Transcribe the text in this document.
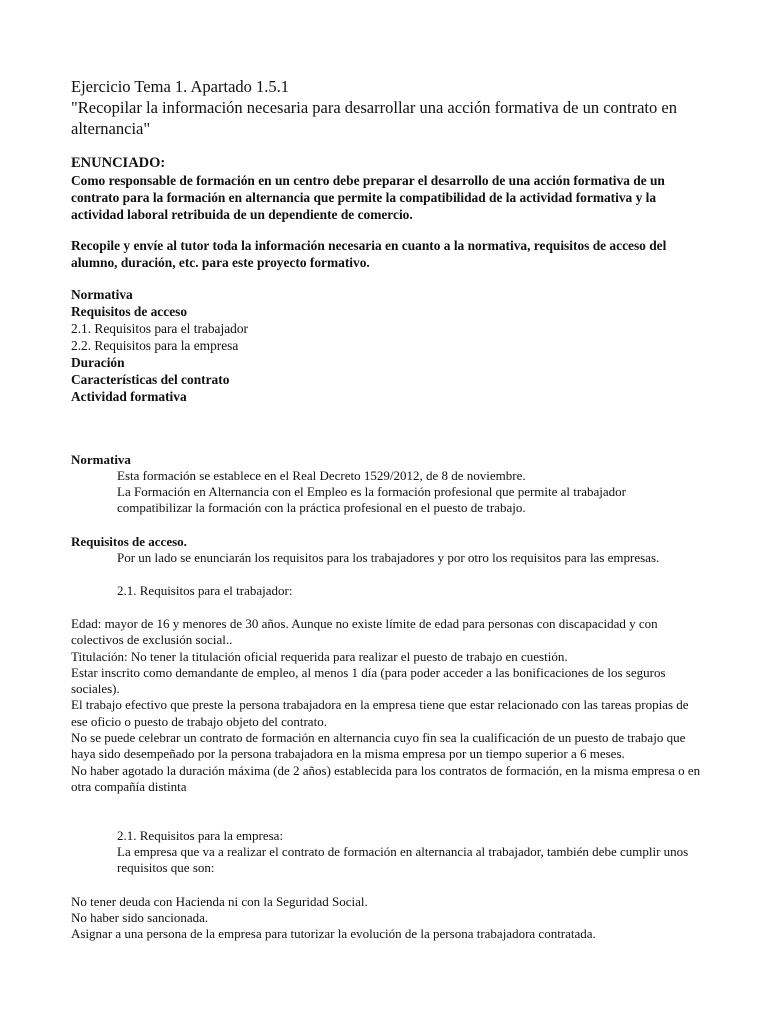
Ejercicio Tema 1. Apartado 1.5.1
"Recopilar la información necesaria para desarrollar una acción formativa de un contrato en alternancia"
ENUNCIADO:
Como responsable de formación en un centro debe preparar el desarrollo de una acción formativa de un contrato para la formación en alternancia que permite la compatibilidad de la actividad formativa y la actividad laboral retribuida de un dependiente de comercio.
Recopile y envíe al tutor toda la información necesaria en cuanto a la normativa, requisitos de acceso del alumno, duración, etc. para este proyecto formativo.
Normativa
Requisitos de acceso
2.1. Requisitos para el trabajador
2.2. Requisitos para la empresa
Duración
Características del contrato
Actividad formativa
Normativa
Esta formación se establece en el Real Decreto 1529/2012, de 8 de noviembre.
La Formación en Alternancia con el Empleo es la formación profesional que permite al trabajador compatibilizar la formación con la práctica profesional en el puesto de trabajo.
Requisitos de acceso.
Por un lado se enunciarán los requisitos para los trabajadores y por otro los requisitos para las empresas.
2.1. Requisitos para el trabajador:
Edad: mayor de 16 y menores de 30 años. Aunque no existe límite de edad para personas con discapacidad y con colectivos de exclusión social..
Titulación: No tener la titulación oficial requerida para realizar el puesto de trabajo en cuestión.
Estar inscrito como demandante de empleo, al menos 1 día (para poder acceder a las bonificaciones de los seguros sociales).
El trabajo efectivo que preste la persona trabajadora en la empresa tiene que estar relacionado con las tareas propias de ese oficio o puesto de trabajo objeto del contrato.
No se puede celebrar un contrato de formación en alternancia cuyo fin sea la cualificación de un puesto de trabajo que haya sido desempeñado por la persona trabajadora en la misma empresa por un tiempo superior a 6 meses.
No haber agotado la duración máxima (de 2 años) establecida para los contratos de formación, en la misma empresa o en otra compañía distinta
2.1. Requisitos para la empresa:
La empresa que va a realizar el contrato de formación en alternancia al trabajador, también debe cumplir unos requisitos que son:
No tener deuda con Hacienda ni con la Seguridad Social.
No haber sido sancionada.
Asignar a una persona de la empresa para tutorizar la evolución de la persona trabajadora contratada.
